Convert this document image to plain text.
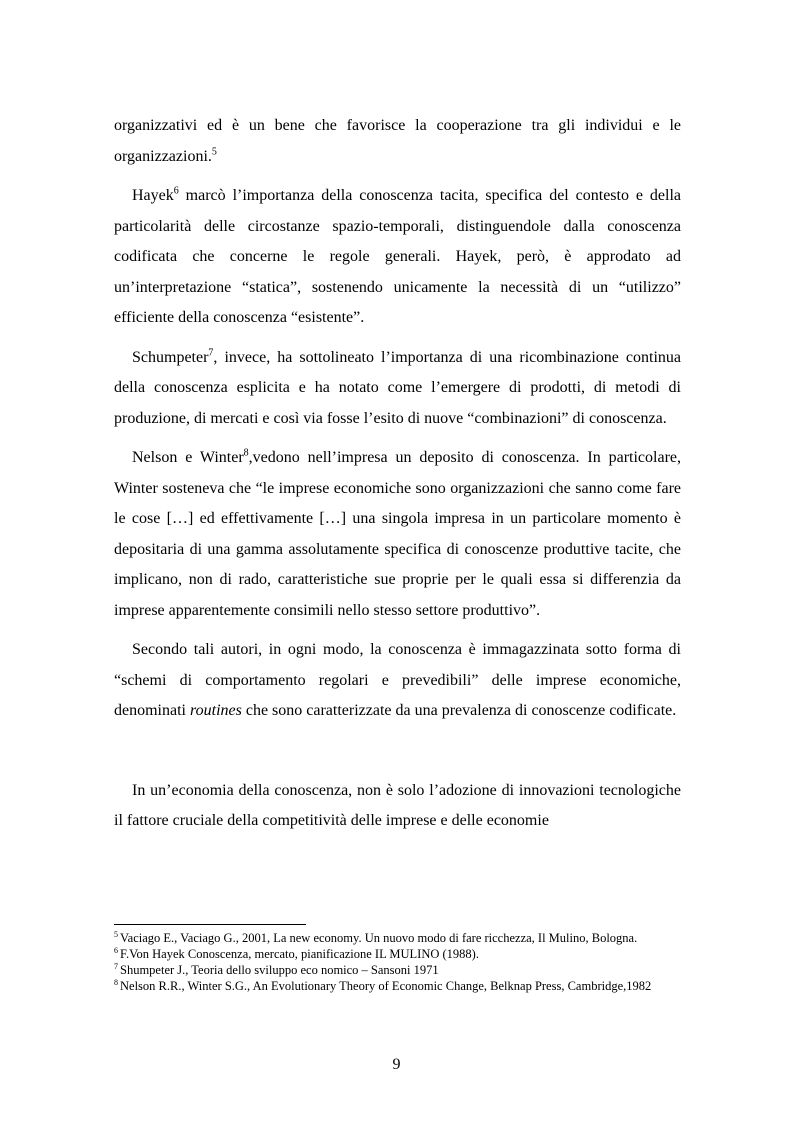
organizzativi ed è un bene che favorisce la cooperazione tra gli individui e le organizzazioni.$^5$

Hayek$^6$ marcò l’importanza della conoscenza tacita, specifica del contesto e della particolarità delle circostanze spazio-temporali, distinguendole dalla conoscenza codificata che concerne le regole generali. Hayek, però, è approdato ad un’interpretazione “statica”, sostenendo unicamente la necessità di un “utilizzo” efficiente della conoscenza “esistente”.

Schumpeter$^7$, invece, ha sottolineato l’importanza di una ricombinazione continua della conoscenza esplicita e ha notato come l’emergere di prodotti, di metodi di produzione, di mercati e così via fosse l’esito di nuove “combinazioni” di conoscenza.

Nelson e Winter$^8$,vedono nell’impresa un deposito di conoscenza. In particolare, Winter sosteneva che “le imprese economiche sono organizzazioni che sanno come fare le cose […] ed effettivamente […] una singola impresa in un particolare momento è depositaria di una gamma assolutamente specifica di conoscenze produttive tacite, che implicano, non di rado, caratteristiche sue proprie per le quali essa si differenzia da imprese apparentemente consimili nello stesso settore produttivo”.

Secondo tali autori, in ogni modo, la conoscenza è immagazzinata sotto forma di “schemi di comportamento regolari e prevedibili” delle imprese economiche, denominati routines che sono caratterizzate da una prevalenza di conoscenze codificate.

In un’economia della conoscenza, non è solo l’adozione di innovazioni tecnologiche il fattore cruciale della competitività delle imprese e delle economie

$^5$ Vaciago E., Vaciago G., 2001, La new economy. Un nuovo modo di fare ricchezza, Il Mulino, Bologna.
$^6$ F.Von Hayek Conoscenza, mercato, pianificazione IL MULINO (1988).
$^7$ Shumpeter J., Teoria dello sviluppo eco nomico – Sansoni 1971
$^8$ Nelson R.R., Winter S.G., An Evolutionary Theory of Economic Change, Belknap Press, Cambridge,1982
9
